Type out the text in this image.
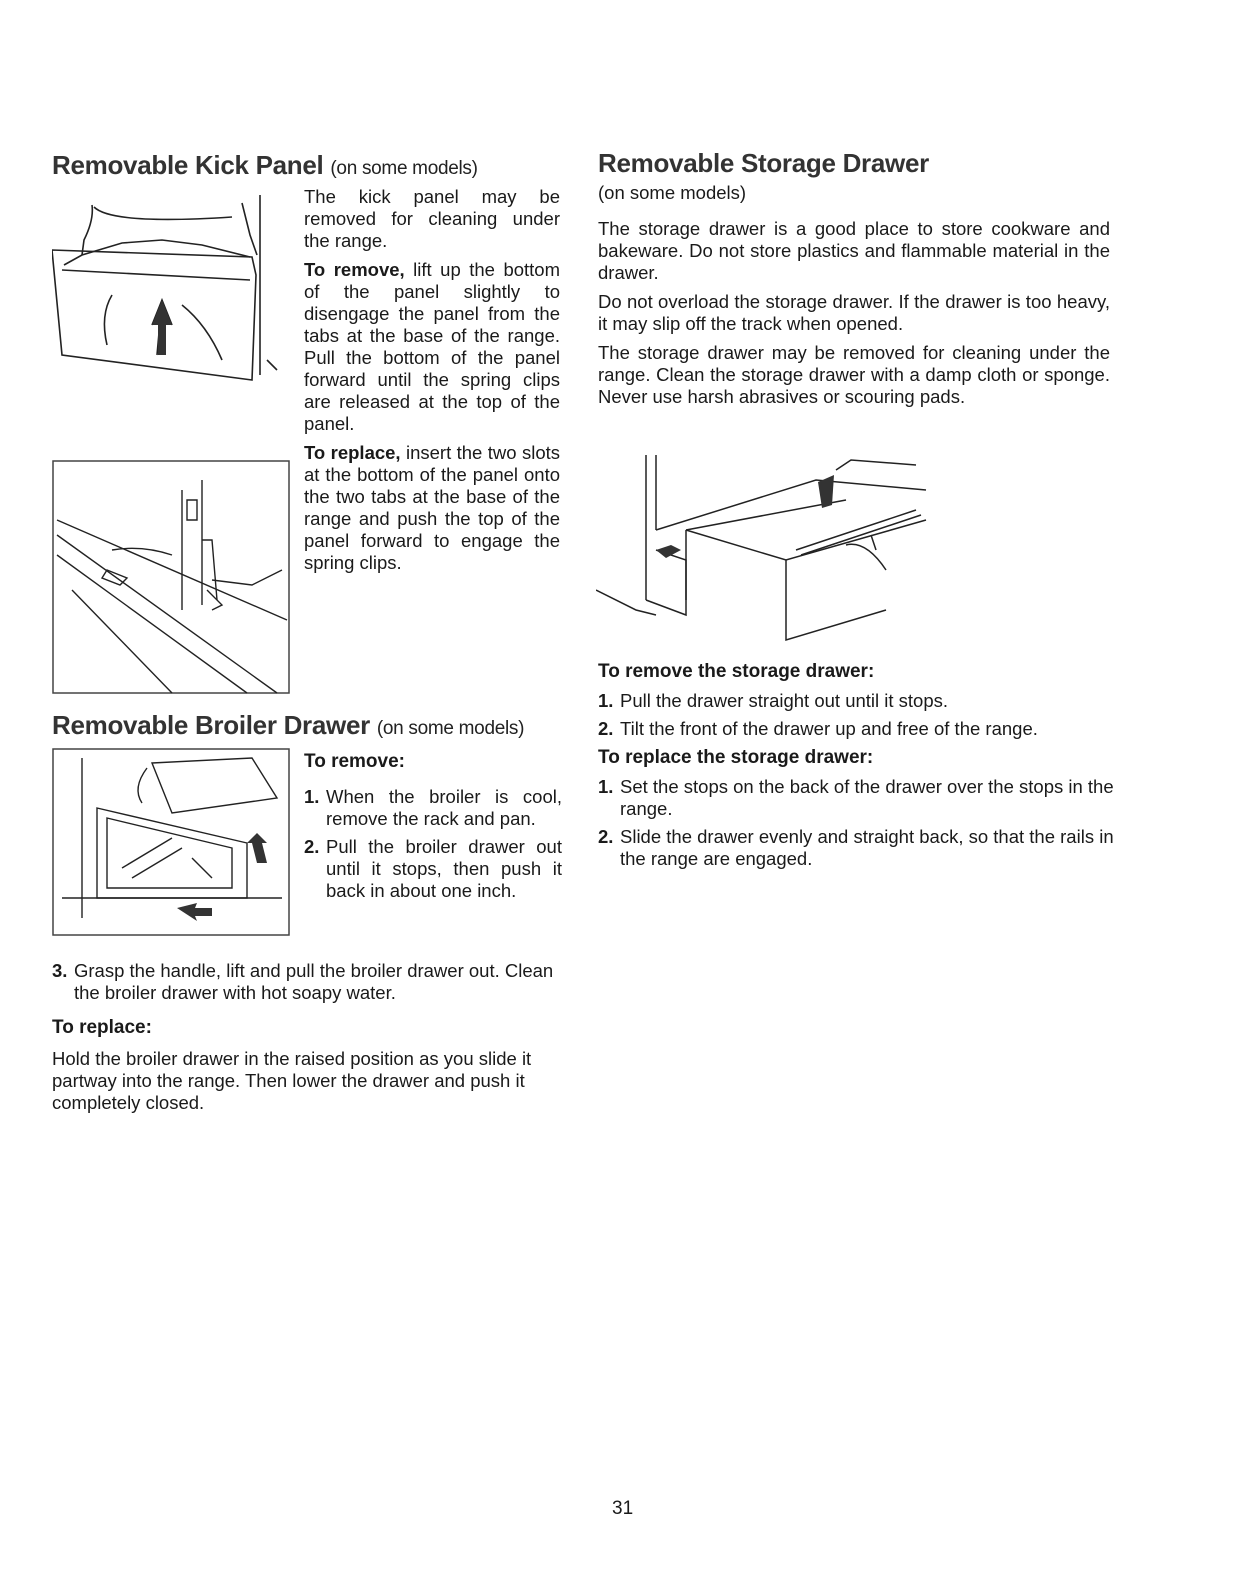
Removable Kick Panel (on some models)

The kick panel may be removed for cleaning under the range.

To remove, lift up the bottom of the panel slightly to disengage the panel from the tabs at the base of the range. Pull the bottom of the panel forward until the spring clips are released at the top of the panel.

To replace, insert the two slots at the bottom of the panel onto the two tabs at the base of the range and push the top of the panel forward to engage the spring clips.

Removable Broiler Drawer (on some models)
To remove:
1. When the broiler is cool, remove the rack and pan.
2. Pull the broiler drawer out until it stops, then push it back in about one inch.
3. Grasp the handle, lift and pull the broiler drawer out. Clean the broiler drawer with hot soapy water.
To replace:

Hold the broiler drawer in the raised position as you slide it partway into the range. Then lower the drawer and push it completely closed.

Removable Storage Drawer

(on some models)

The storage drawer is a good place to store cookware and bakeware. Do not store plastics and flammable material in the drawer.

Do not overload the storage drawer. If the drawer is too heavy, it may slip off the track when opened.

The storage drawer may be removed for cleaning under the range. Clean the storage drawer with a damp cloth or sponge. Never use harsh abrasives or scouring pads.

To remove the storage drawer:
1. Pull the drawer straight out until it stops.
2. Tilt the front of the drawer up and free of the range.
To replace the storage drawer:
1. Set the stops on the back of the drawer over the stops in the range.
2. Slide the drawer evenly and straight back, so that the rails in the range are engaged.
31
